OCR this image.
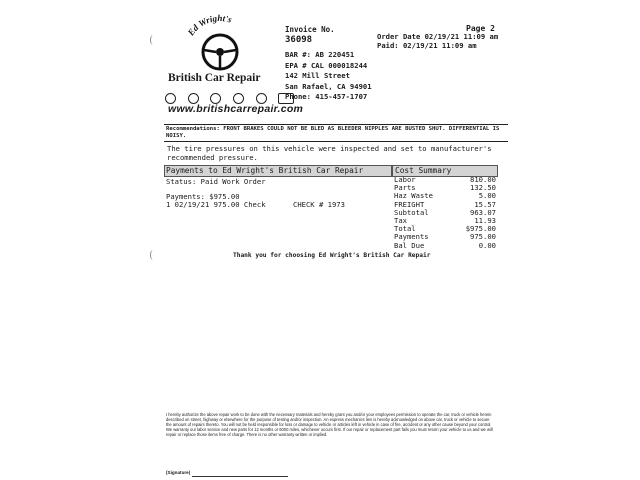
Ed Wright's
British Car Repair

www.britishcarrepair.com
Invoice No.
36098
BAR #: AB 220451
EPA # CAL 000018244
142 Mill Street
San Rafael, CA 94901
Phone: 415-457-1707
Page 2
Order Date 02/19/21 11:09 am
Paid: 02/19/21 11:09 am
Recommendations: FRONT BRAKES COULD NOT BE BLED AS BLEEDER NIPPLES ARE BUSTED SHUT. DIFFERENTIAL IS NOISY.
The tire pressures on this vehicle were inspected and set to manufacturer's recommended pressure.
Payments to Ed Wright's British Car Repair	Cost Summary
Status: Paid Work Order
Payments: $975.00
1 02/19/21 975.00 Check	CHECK # 1973
Labor	810.00
Parts	132.50
Haz Waste	5.00
FREIGHT	15.57
Subtotal	963.07
Tax	11.93
Total	$975.00
Payments	975.00
Bal Due	0.00
Thank you for choosing Ed Wright's British Car Repair
I hereby authorize the above repair work to be done with the necessary materials and hereby grant you and/or your employees permission to operate the car, truck or vehicle herein described on street, highway or elsewhere for the purpose of testing and/or inspection. An express mechanics lien is hereby acknowledged on above car, truck or vehicle to secure the amount of repairs thereto. You will not be held responsible for loss or damage to vehicle or articles left in vehicle in case of fire, accident or any other cause beyond your control. We warranty our labor service and new parts for 12 months or 6000 miles, whichever occurs first. If our repair or replacement part fails you must return your vehicle to us and we will repair or replace those items free of charge. There is no other warranty written or implied.
(Signature)
